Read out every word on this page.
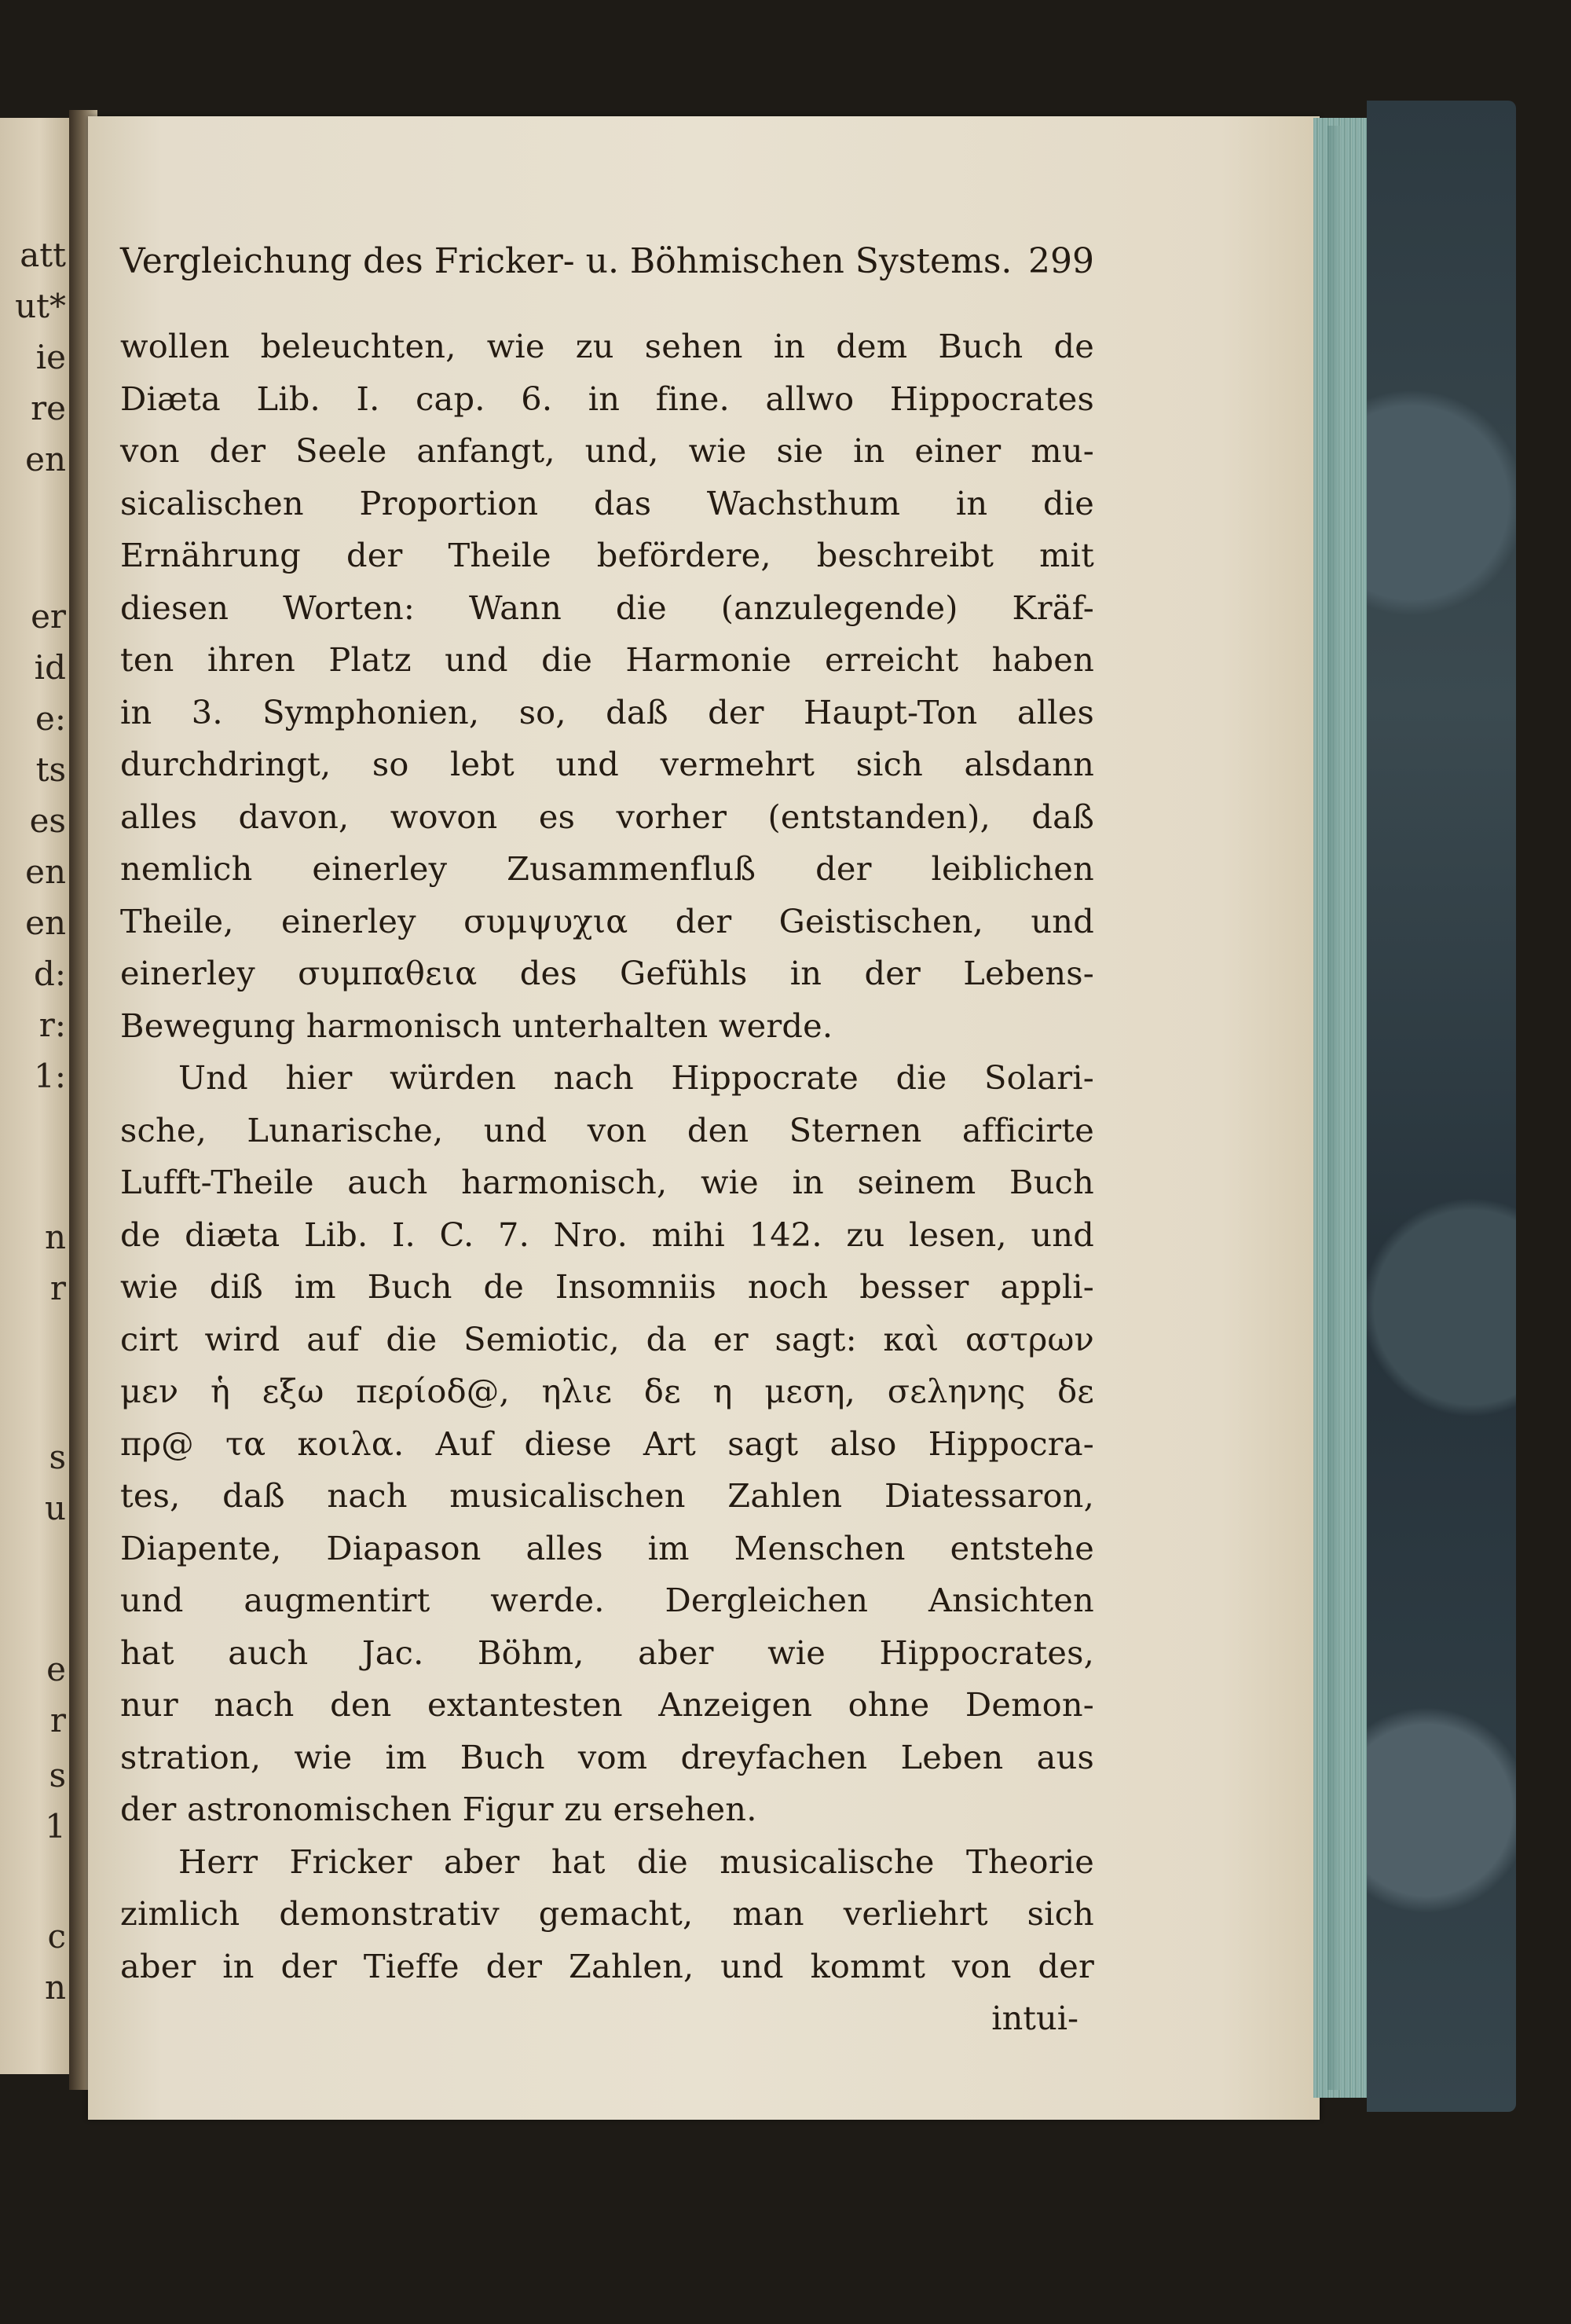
att
ut*
ie
re
en
er
id
e:
ts
es
en
en
d:
r:
1:
n
r
s
u
e
r
s
1
c
n
Vergleichung des Fricker- u. Böhmischen Systems. 299
wollen beleuchten, wie zu sehen in dem Buch de
Diæta Lib. I. cap. 6. in fine. allwo Hippocrates
von der Seele anfangt, und, wie sie in einer mu-
sicalischen Proportion das Wachsthum in die
Ernährung der Theile befördere, beschreibt mit
diesen Worten: Wann die (anzulegende) Kräf-
ten ihren Platz und die Harmonie erreicht haben
in 3. Symphonien, so, daß der Haupt-Ton alles
durchdringt, so lebt und vermehrt sich alsdann
alles davon, wovon es vorher (entstanden), daß
nemlich einerley Zusammenfluß der leiblichen
Theile, einerley συμψυχια der Geistischen, und
einerley συμπαθεια des Gefühls in der Lebens-
Bewegung harmonisch unterhalten werde.
Und hier würden nach Hippocrate die Solari-
sche, Lunarische, und von den Sternen afficirte
Lufft-Theile auch harmonisch, wie in seinem Buch
de diæta Lib. I. C. 7. Nro. mihi 142. zu lesen, und
wie diß im Buch de Insomniis noch besser appli-
cirt wird auf die Semiotic, da er sagt: καὶ αστρων
μεν ἡ εξω περίοδ@, ηλιε δε η μεση, σεληνης δε
πρ@ τα κοιλα. Auf diese Art sagt also Hippocra-
tes, daß nach musicalischen Zahlen Diatessaron,
Diapente, Diapason alles im Menschen entstehe
und augmentirt werde. Dergleichen Ansichten
hat auch Jac. Böhm, aber wie Hippocrates,
nur nach den extantesten Anzeigen ohne Demon-
stration, wie im Buch vom dreyfachen Leben aus
der astronomischen Figur zu ersehen.
Herr Fricker aber hat die musicalische Theorie
zimlich demonstrativ gemacht, man verliehrt sich
aber in der Tieffe der Zahlen, und kommt von der
intui-
